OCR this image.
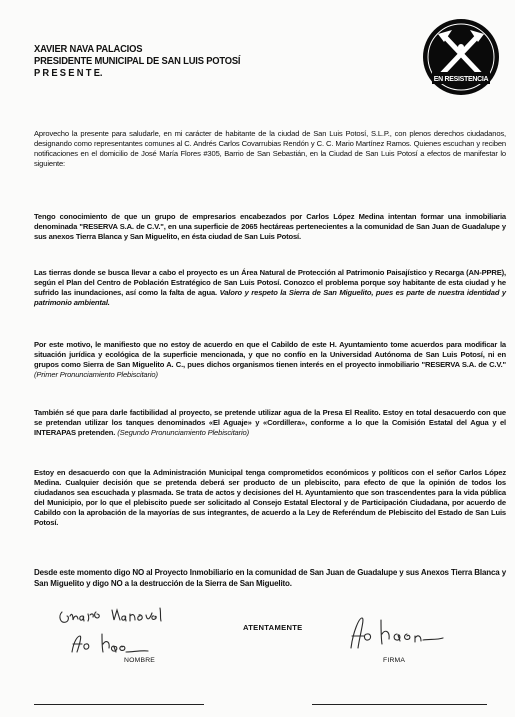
XAVIER NAVA PALACIOS
PRESIDENTE MUNICIPAL DE SAN LUIS POTOSÍ
P R E S E N T E.
EN RESISTENCIA
Aprovecho la presente para saludarle, en mi carácter de habitante de la ciudad de San Luis Potosí, S.L.P., con plenos derechos ciudadanos, designando como representantes comunes al C. Andrés Carlos Covarrubias Rendón y C. C. Mario Martínez Ramos. Quienes escuchan y reciben notificaciones en el domicilio de José María Flores #305, Barrio de San Sebastián, en la Ciudad de San Luis Potosí a efectos de manifestar lo siguiente:
Tengo conocimiento de que un grupo de empresarios encabezados por Carlos López Medina intentan formar una inmobiliaria denominada "RESERVA S.A. de C.V.", en una superficie de 2065 hectáreas pertenecientes a la comunidad de San Juan de Guadalupe y sus anexos Tierra Blanca y San Miguelito, en ésta ciudad de San Luis Potosí.
Las tierras donde se busca llevar a cabo el proyecto es un Área Natural de Protección al Patrimonio Paisajístico y Recarga (AN-PPRE), según el Plan del Centro de Población Estratégico de San Luis Potosí. Conozco el problema porque soy habitante de esta ciudad y he sufrido las inundaciones, así como la falta de agua. Valoro y respeto la Sierra de San Miguelito, pues es parte de nuestra identidad y patrimonio ambiental.
Por este motivo, le manifiesto que no estoy de acuerdo en que el Cabildo de este H. Ayuntamiento tome acuerdos para modificar la situación jurídica y ecológica de la superficie mencionada, y que no confío en la Universidad Autónoma de San Luis Potosí, ni en grupos como Sierra de San Miguelito A. C., pues dichos organismos tienen interés en el proyecto inmobiliario "RESERVA S.A. de C.V." (Primer Pronunciamiento Plebiscitario)
También sé que para darle factibilidad al proyecto, se pretende utilizar agua de la Presa El Realito. Estoy en total desacuerdo con que se pretendan utilizar los tanques denominados «El Aguaje» y «Cordillera», conforme a lo que la Comisión Estatal del Agua y el INTERAPAS pretenden. (Segundo Pronunciamiento Plebiscitario)
Estoy en desacuerdo con que la Administración Municipal tenga comprometidos económicos y políticos con el señor Carlos López Medina. Cualquier decisión que se pretenda deberá ser producto de un plebiscito, para efecto de que la opinión de todos los ciudadanos sea escuchada y plasmada. Se trata de actos y decisiones del H. Ayuntamiento que son trascendentes para la vida pública del Municipio, por lo que el plebiscito puede ser solicitado al Consejo Estatal Electoral y de Participación Ciudadana, por acuerdo de Cabildo con la aprobación de la mayorías de sus integrantes, de acuerdo a la Ley de Referéndum de Plebiscito del Estado de San Luis Potosí.
Desde este momento digo NO al Proyecto Inmobiliario en la comunidad de San Juan de Guadalupe y sus Anexos Tierra Blanca y San Miguelito y digo NO a la destrucción de la Sierra de San Miguelito.
NOMBRE
ATENTAMENTE
FIRMA
